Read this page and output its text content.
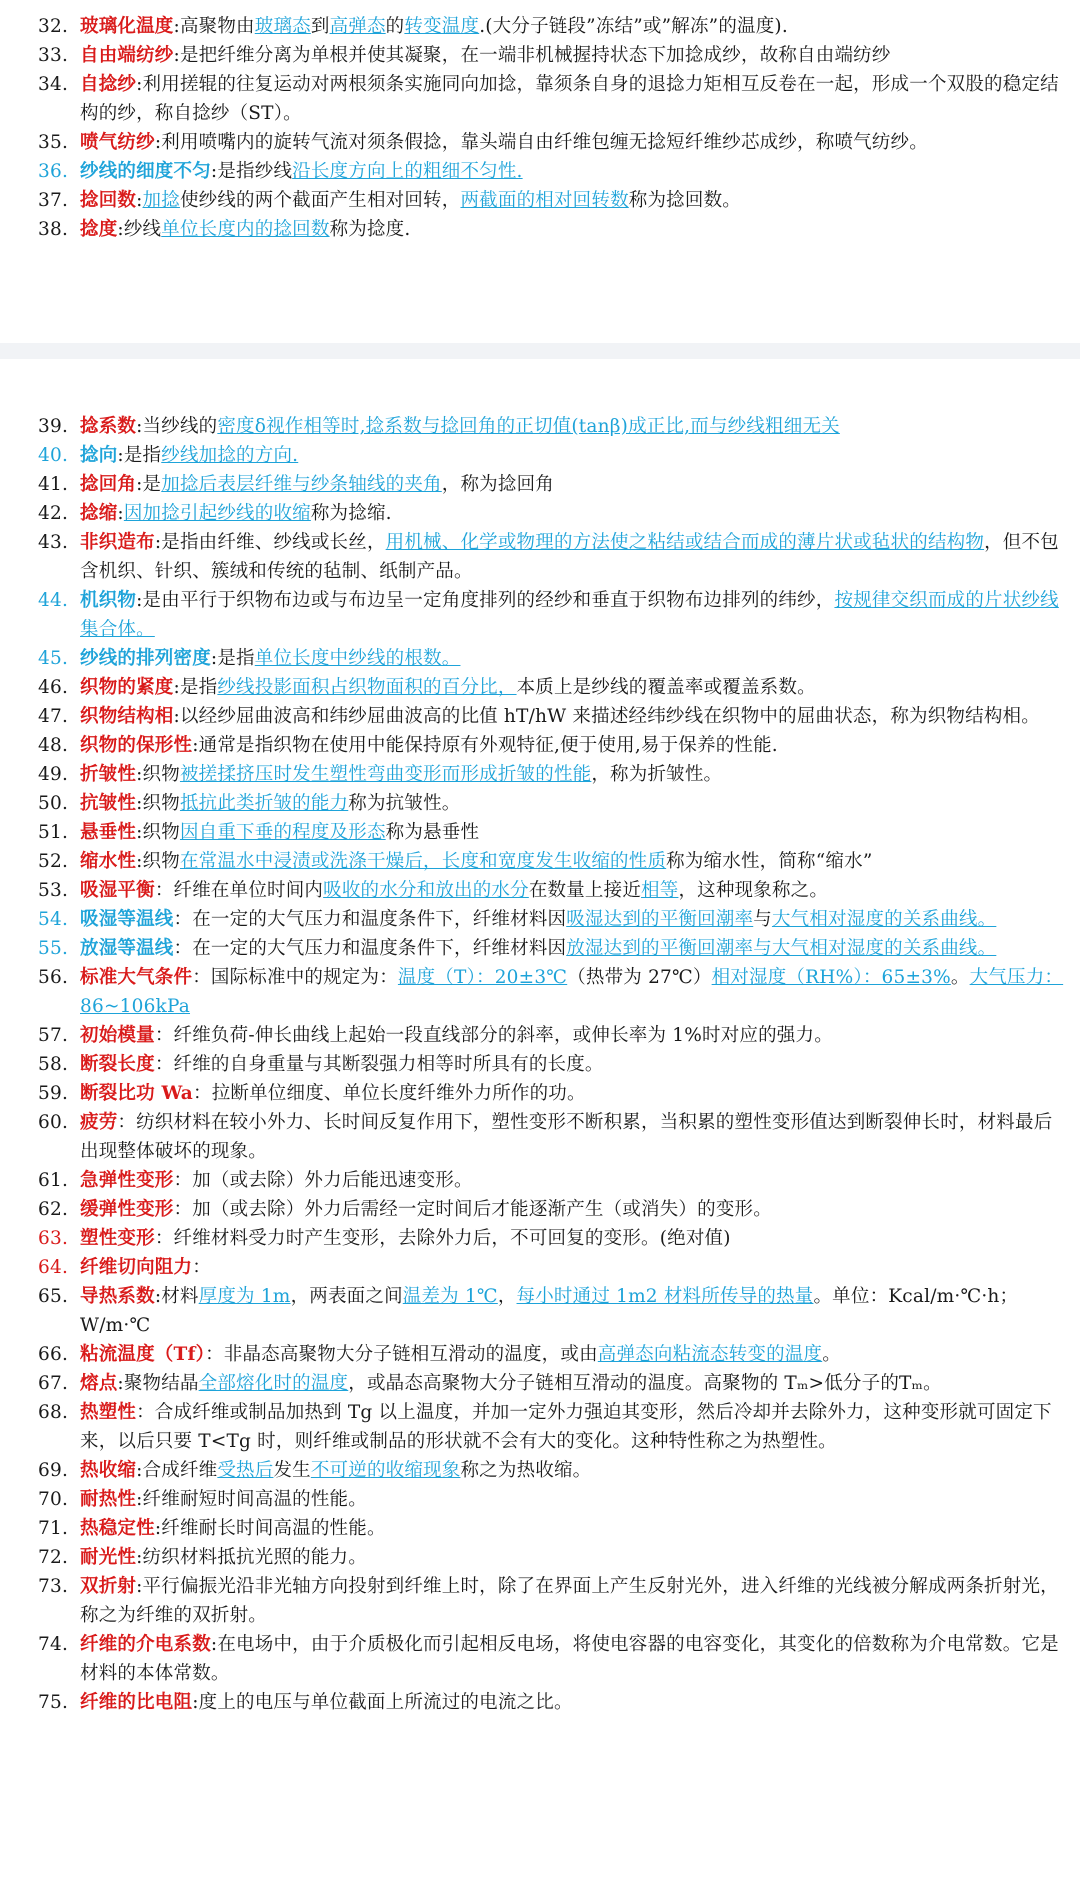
32. 玻璃化温度:高聚物由玻璃态到高弹态的转变温度.(大分子链段”冻结”或”解冻”的温度).
33. 自由端纺纱:是把纤维分离为单根并使其凝聚，在一端非机械握持状态下加捻成纱，故称自由端纺纱
34. 自捻纱:利用搓辊的往复运动对两根须条实施同向加捻，靠须条自身的退捻力矩相互反卷在一起，形成一个双股的稳定结构的纱，称自捻纱（ST）。
35. 喷气纺纱:利用喷嘴内的旋转气流对须条假捻，靠头端自由纤维包缠无捻短纤维纱芯成纱，称喷气纺纱。
36. 纱线的细度不匀:是指纱线沿长度方向上的粗细不匀性.
37. 捻回数:加捻使纱线的两个截面产生相对回转，两截面的相对回转数称为捻回数。
38. 捻度:纱线单位长度内的捻回数称为捻度.
39. 捻系数:当纱线的密度δ视作相等时,捻系数与捻回角的正切值(tanβ)成正比,而与纱线粗细无关
40. 捻向:是指纱线加捻的方向.
41. 捻回角:是加捻后表层纤维与纱条轴线的夹角，称为捻回角
42. 捻缩:因加捻引起纱线的收缩称为捻缩.
43. 非织造布:是指由纤维、纱线或长丝，用机械、化学或物理的方法使之粘结或结合而成的薄片状或毡状的结构物，但不包含机织、针织、簇绒和传统的毡制、纸制产品。
44. 机织物:是由平行于织物布边或与布边呈一定角度排列的经纱和垂直于织物布边排列的纬纱，按规律交织而成的片状纱线集合体。
45. 纱线的排列密度:是指单位长度中纱线的根数。
46. 织物的紧度:是指纱线投影面积占织物面积的百分比，本质上是纱线的覆盖率或覆盖系数。
47. 织物结构相:以经纱屈曲波高和纬纱屈曲波高的比值 hT/hW 来描述经纬纱线在织物中的屈曲状态，称为织物结构相。
48. 织物的保形性:通常是指织物在使用中能保持原有外观特征,便于使用,易于保养的性能.
49. 折皱性:织物被搓揉挤压时发生塑性弯曲变形而形成折皱的性能，称为折皱性。
50. 抗皱性:织物抵抗此类折皱的能力称为抗皱性。
51. 悬垂性:织物因自重下垂的程度及形态称为悬垂性
52. 缩水性:织物在常温水中浸渍或洗涤干燥后，长度和宽度发生收缩的性质称为缩水性，简称“缩水”
53. 吸湿平衡：纤维在单位时间内吸收的水分和放出的水分在数量上接近相等，这种现象称之。
54. 吸湿等温线：在一定的大气压力和温度条件下，纤维材料因吸湿达到的平衡回潮率与大气相对湿度的关系曲线。
55. 放湿等温线：在一定的大气压力和温度条件下，纤维材料因放湿达到的平衡回潮率与大气相对湿度的关系曲线。
56. 标准大气条件：国际标准中的规定为：温度（T）：20±3℃（热带为 27℃）相对湿度（RH%）：65±3%。大气压力：86~106kPa
57. 初始模量：纤维负荷-伸长曲线上起始一段直线部分的斜率，或伸长率为 1%时对应的强力。
58. 断裂长度：纤维的自身重量与其断裂强力相等时所具有的长度。
59. 断裂比功 Wa：拉断单位细度、单位长度纤维外力所作的功。
60. 疲劳：纺织材料在较小外力、长时间反复作用下，塑性变形不断积累，当积累的塑性变形值达到断裂伸长时，材料最后出现整体破坏的现象。
61. 急弹性变形：加（或去除）外力后能迅速变形。
62. 缓弹性变形：加（或去除）外力后需经一定时间后才能逐渐产生（或消失）的变形。
63. 塑性变形：纤维材料受力时产生变形，去除外力后，不可回复的变形。(绝对值)
64. 纤维切向阻力：
65. 导热系数:材料厚度为 1m，两表面之间温差为 1℃，每小时通过 1m2 材料所传导的热量。单位：Kcal/m·℃·h；W/m·℃
66. 粘流温度（Tf）：非晶态高聚物大分子链相互滑动的温度，或由高弹态向粘流态转变的温度。
67. 熔点:聚物结晶全部熔化时的温度，或晶态高聚物大分子链相互滑动的温度。高聚物的 Tₘ>低分子的Tₘ。
68. 热塑性：合成纤维或制品加热到 Tg 以上温度，并加一定外力强迫其变形，然后冷却并去除外力，这种变形就可固定下来，以后只要 T<Tg 时，则纤维或制品的形状就不会有大的变化。这种特性称之为热塑性。
69. 热收缩:合成纤维受热后发生不可逆的收缩现象称之为热收缩。
70. 耐热性:纤维耐短时间高温的性能。
71. 热稳定性:纤维耐长时间高温的性能。
72. 耐光性:纺织材料抵抗光照的能力。
73. 双折射:平行偏振光沿非光轴方向投射到纤维上时，除了在界面上产生反射光外，进入纤维的光线被分解成两条折射光，称之为纤维的双折射。
74. 纤维的介电系数:在电场中，由于介质极化而引起相反电场，将使电容器的电容变化，其变化的倍数称为介电常数。它是材料的本体常数。
75. 纤维的比电阻:度上的电压与单位截面上所流过的电流之比。
